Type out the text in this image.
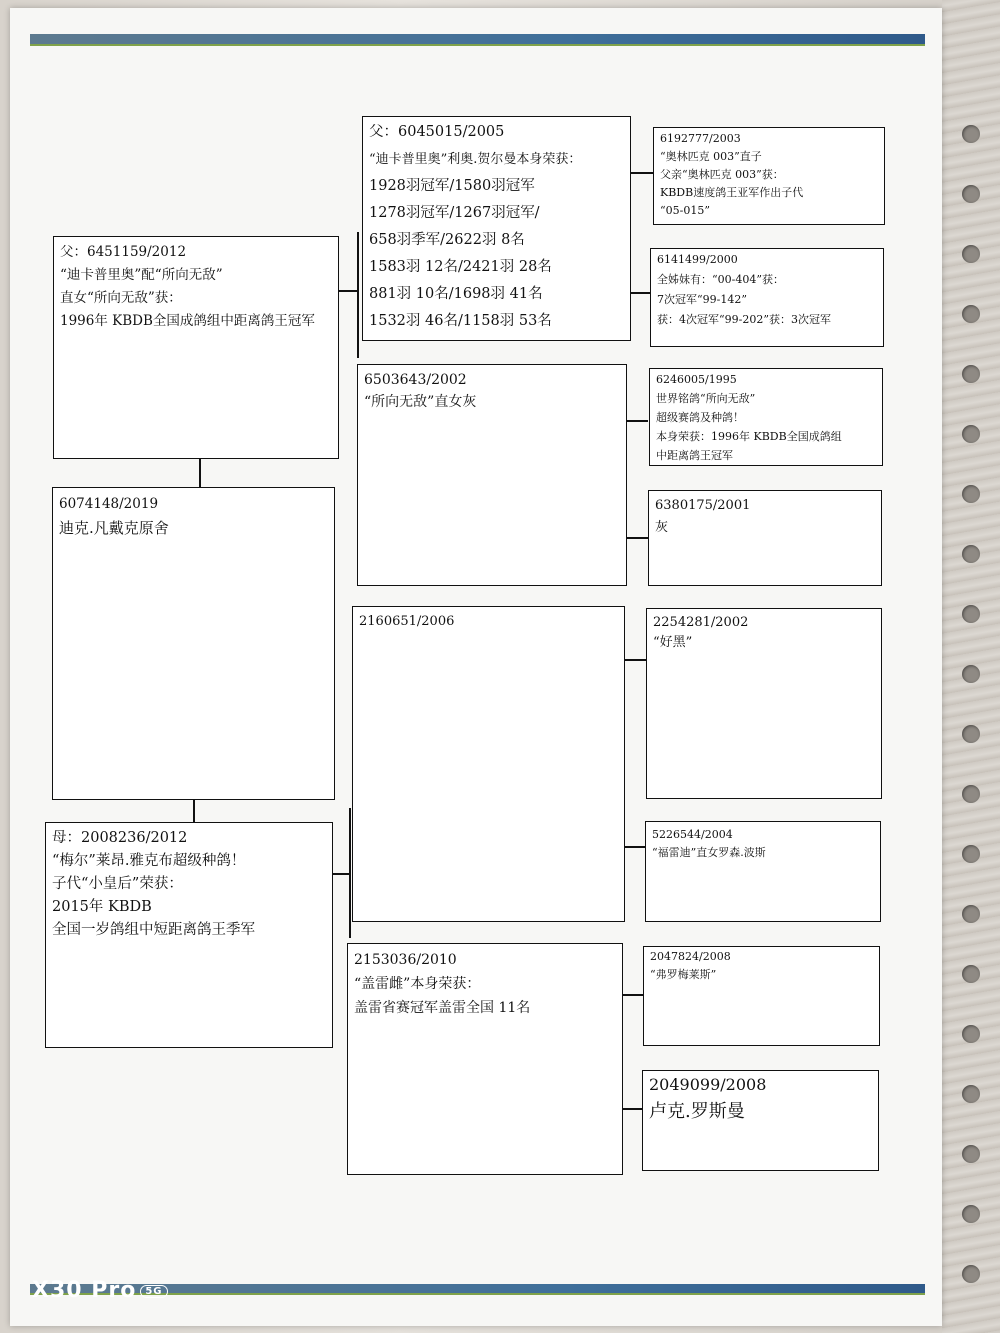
父：6451159/2012
“迪卡普里奥”配“所向无敌”
直女“所向无敌”获：
1996年 KBDB全国成鸽组中距离鸽王冠军
6074148/2019
迪克.凡戴克原舍
母：2008236/2012
“梅尔”莱昂.雅克布超级种鸽！
子代“小皇后”荣获：
2015年 KBDB
全国一岁鸽组中短距离鸽王季军
父：6045015/2005
“迪卡普里奥”利奥.贺尔曼本身荣获：
1928羽冠军/1580羽冠军
1278羽冠军/1267羽冠军/
658羽季军/2622羽 8名
1583羽 12名/2421羽 28名
881羽 10名/1698羽 41名
1532羽 46名/1158羽 53名
6503643/2002
“所向无敌”直女灰
2160651/2006
2153036/2010
“盖雷雌”本身荣获：
盖雷省赛冠军盖雷全国 11名
6192777/2003
“奥林匹克 003”直子
父亲“奥林匹克 003”获：
KBDB速度鸽王亚军作出子代
“05-015”
6141499/2000
全姊妹有：“00-404”获：
7次冠军“99-142”
获：4次冠军“99-202”获：3次冠军
6246005/1995
世界铭鸽“所向无敌”
超级赛鸽及种鸽！
本身荣获：1996年 KBDB全国成鸽组
中距离鸽王冠军
6380175/2001
灰
2254281/2002
“好黑”
5226544/2004
“福雷迪”直女罗森.波斯
2047824/2008
“弗罗梅莱斯”
2049099/2008
卢克.罗斯曼
X30 Pro 5G
